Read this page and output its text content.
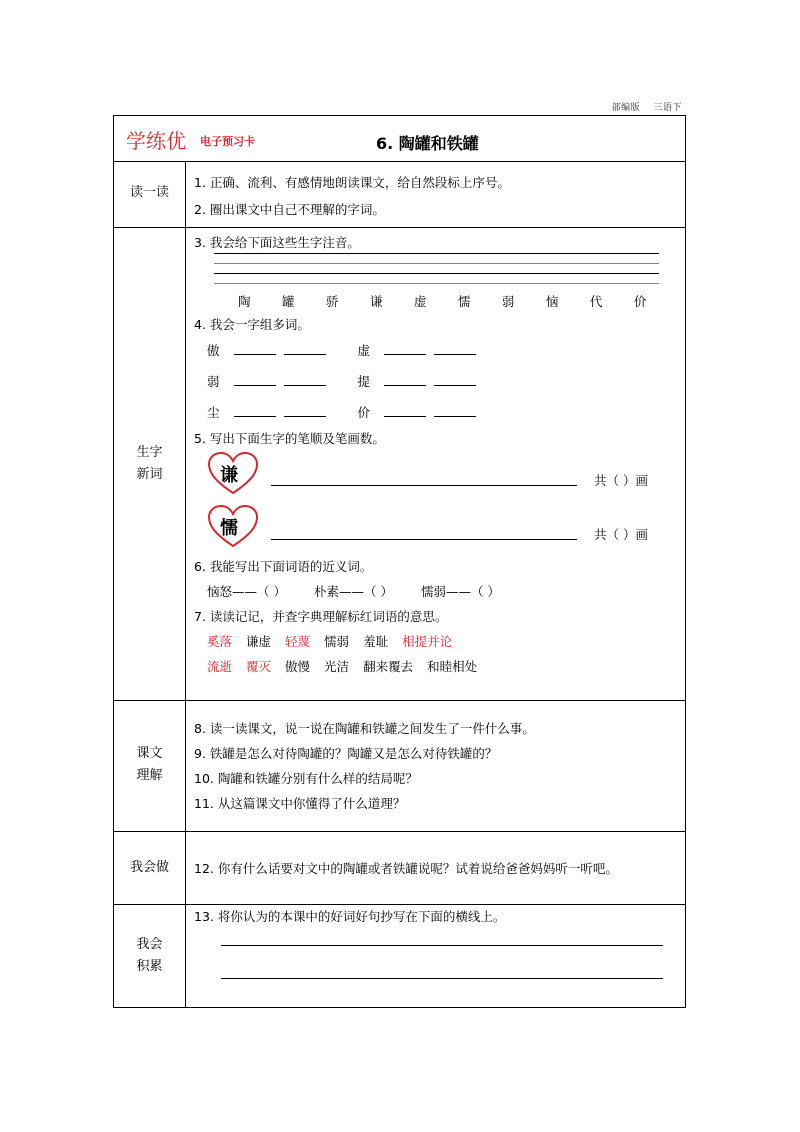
部编版 三语下
学练优 电子预习卡	6. 陶罐和铁罐
读一读
1. 正确、流利、有感情地朗读课文，给自然段标上序号。
2. 圈出课文中自己不理解的字词。
生字
新词
3. 我会给下面这些生字注音。
陶	罐	骄	谦	虚	懦	弱	恼	代	价
4. 我会一字组多词。
傲	虚
弱	提
尘	价
5. 写出下面生字的笔顺及笔画数。
谦	共（ ）画
懦	共（ ）画
6. 我能写出下面词语的近义词。
恼怒——（ ） 朴素——（ ） 懦弱——（ ）
7. 读读记记，并查字典理解标红词语的意思。
奚落 谦虚 轻蔑 懦弱 羞耻 相提并论
流逝 覆灭 傲慢 光洁 翻来覆去 和睦相处
课文
理解
8. 读一读课文，说一说在陶罐和铁罐之间发生了一件什么事。
9. 铁罐是怎么对待陶罐的？陶罐又是怎么对待铁罐的？
10. 陶罐和铁罐分别有什么样的结局呢？
11. 从这篇课文中你懂得了什么道理？
我会做	12. 你有什么话要对文中的陶罐或者铁罐说呢？试着说给爸爸妈妈听一听吧。
我会
积累
13. 将你认为的本课中的好词好句抄写在下面的横线上。
